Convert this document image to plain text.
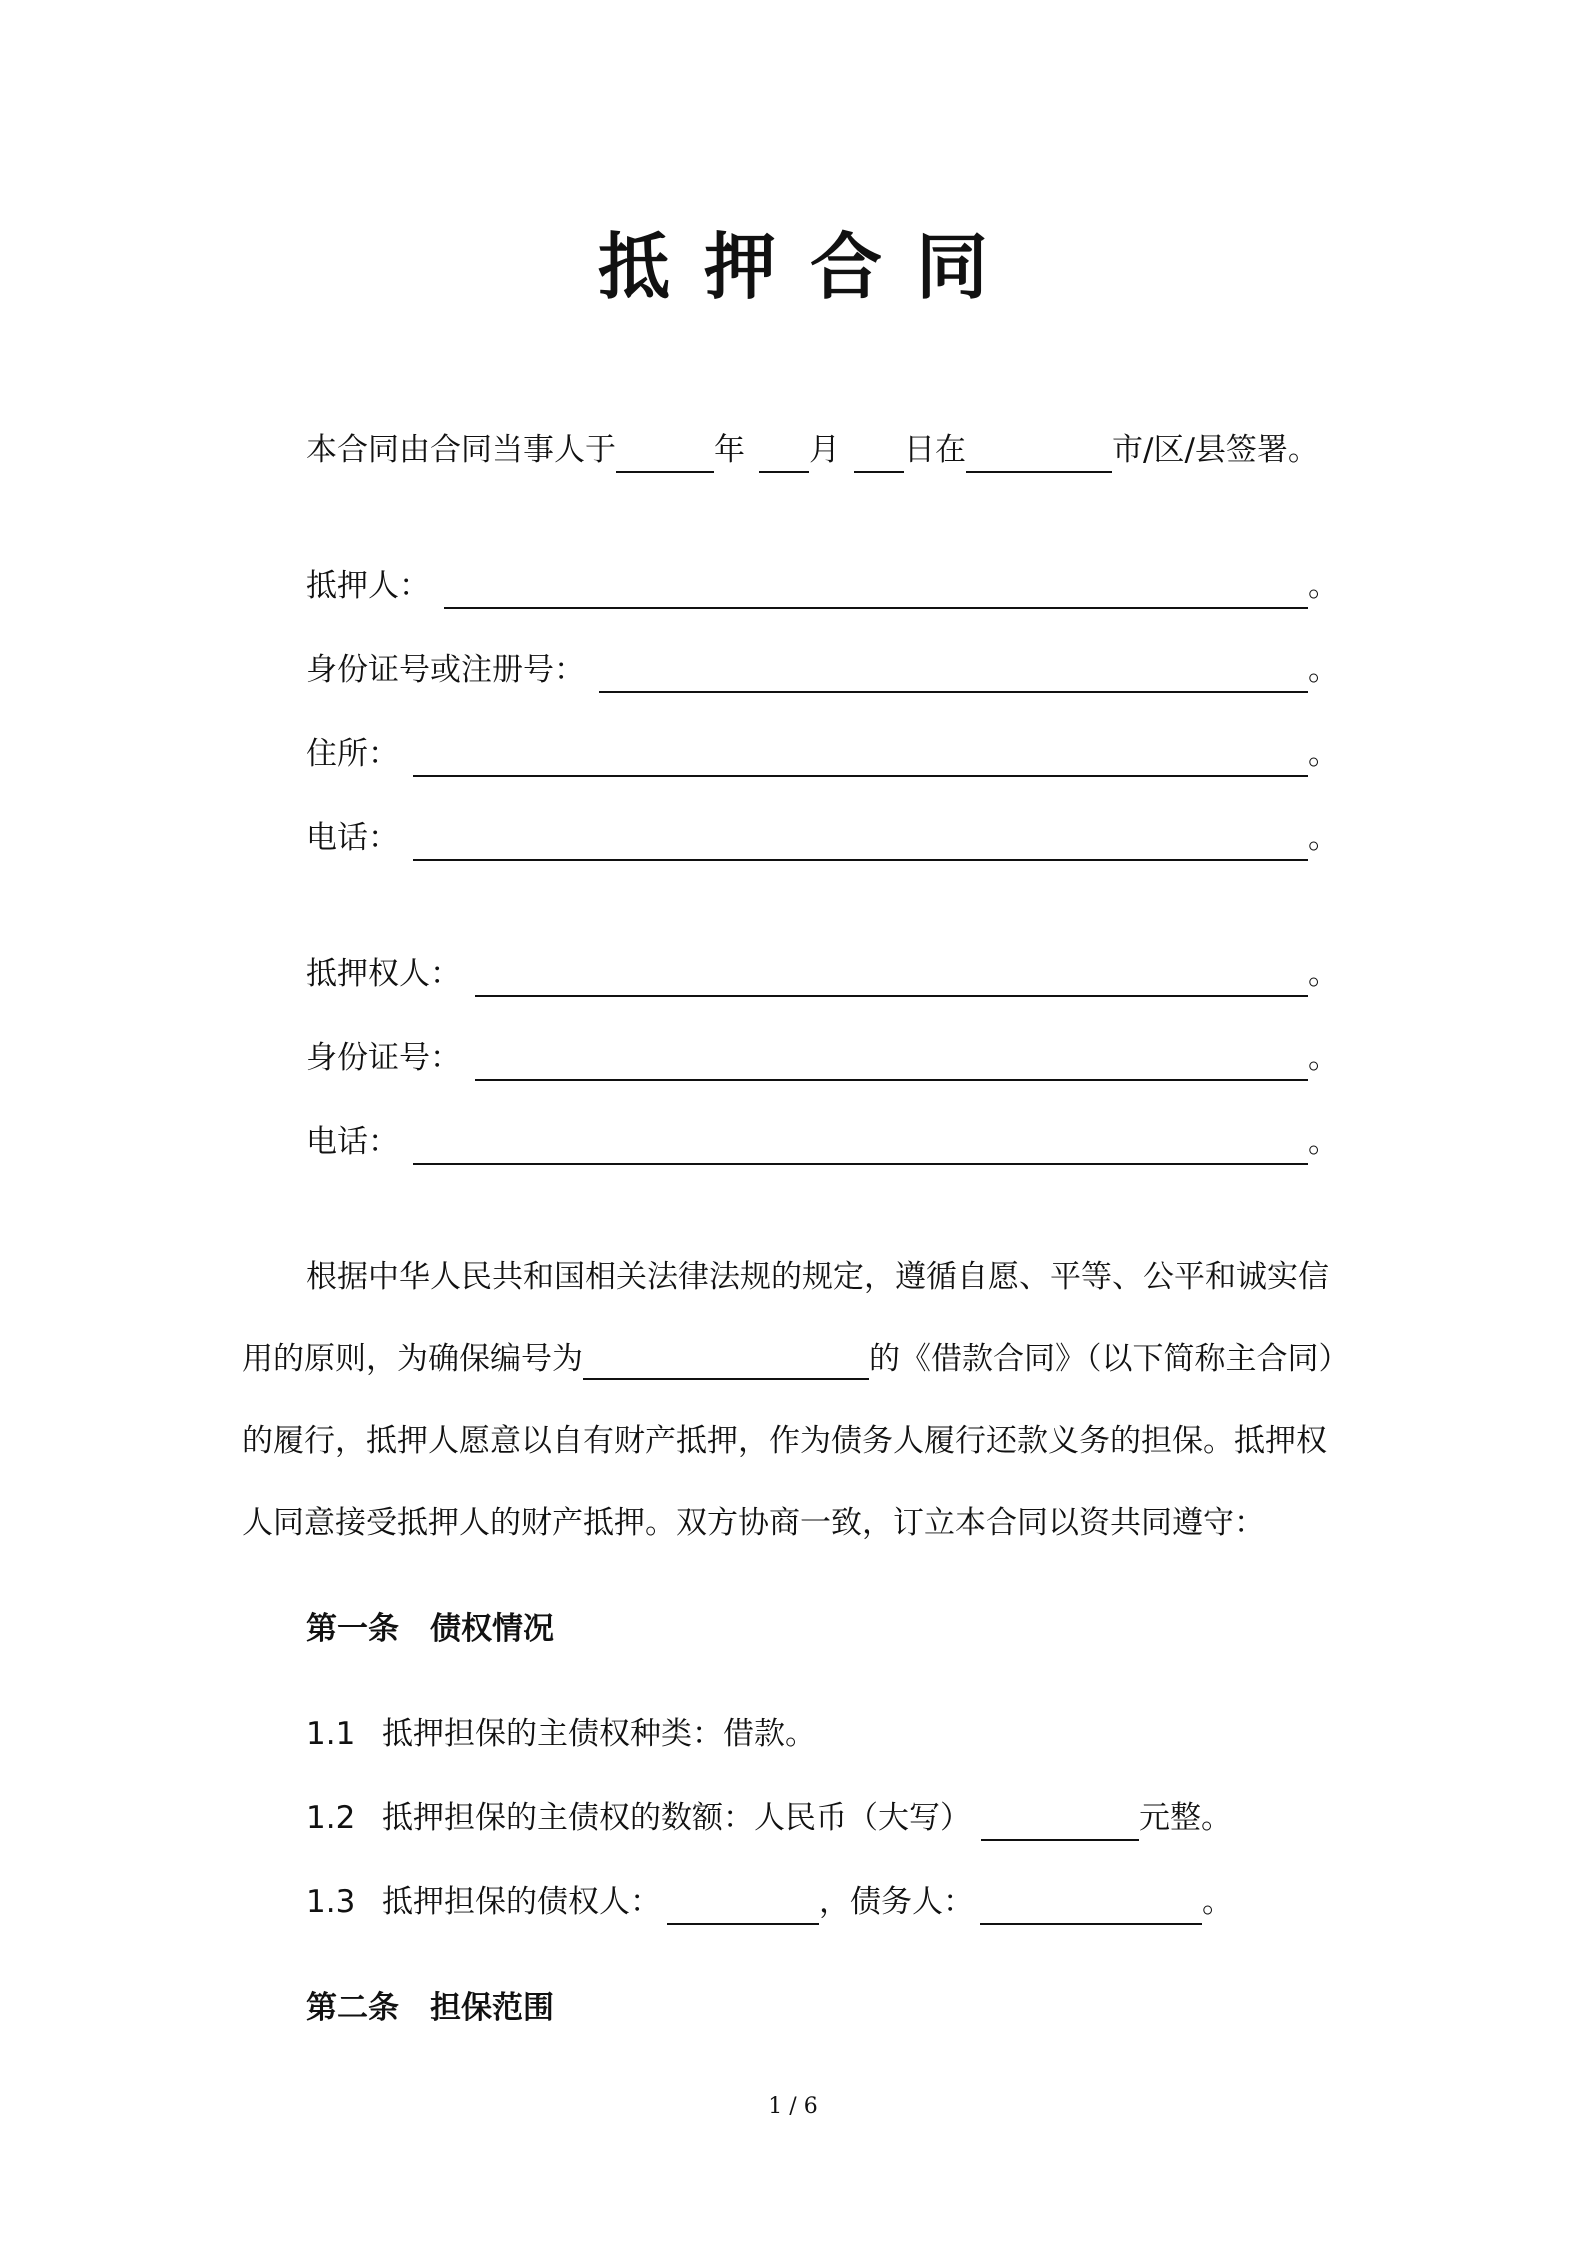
抵押合同
本合同由合同当事人于	年 月 日在	市/区/县签署。
抵押人：	。
身份证号或注册号：	。
住所：	。
电话：	。
抵押权人：	。
身份证号：	。
电话：	。
根据中华人民共和国相关法律法规的规定，遵循自愿、平等、公平和诚实信
用的原则，为确保编号为	的《借款合同》（以下简称主合同）
的履行，抵押人愿意以自有财产抵押，作为债务人履行还款义务的担保。抵押权
人同意接受抵押人的财产抵押。双方协商一致，订立本合同以资共同遵守：
第一条　债权情况
1.1 抵押担保的主债权种类：借款。
1.2 抵押担保的主债权的数额：人民币（大写）	元整。
1.3 抵押担保的债权人：	，债务人：	。
第二条　担保范围
1 / 6
